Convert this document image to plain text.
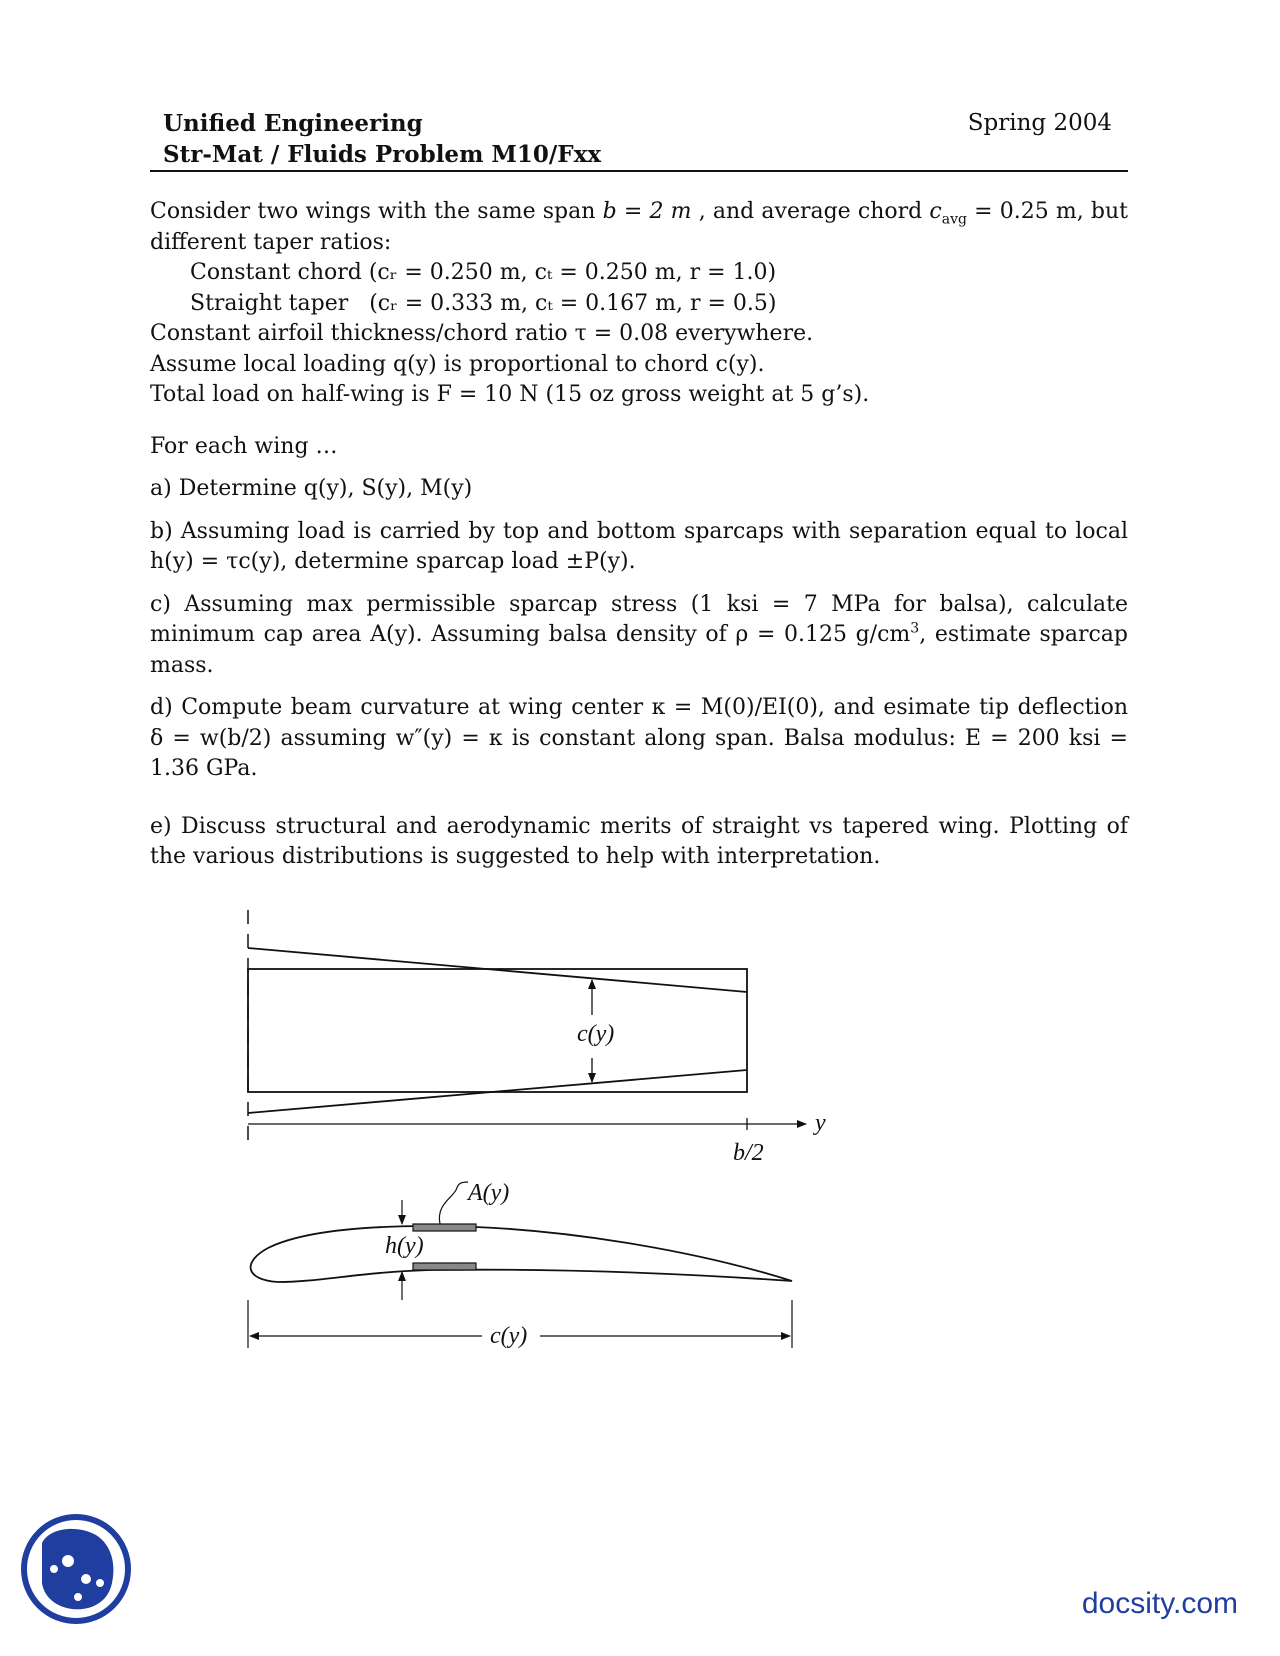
Unified Engineering
Str-Mat / Fluids Problem M10/Fxx
Spring 2004

Consider two wings with the same span b = 2 m , and average chord $c_{avg} = 0.25$ m, but different taper ratios:

Constant chord (cᵣ = 0.250 m, cₜ = 0.250 m, r = 1.0)

Straight taper   (cᵣ = 0.333 m, cₜ = 0.167 m, r = 0.5)

Constant airfoil thickness/chord ratio τ = 0.08 everywhere.

Assume local loading q(y) is proportional to chord c(y).

Total load on half-wing is F = 10 N (15 oz gross weight at 5 g’s).

For each wing …

a) Determine q(y), S(y), M(y)

b) Assuming load is carried by top and bottom sparcaps with separation equal to local h(y) = τc(y), determine sparcap load ±P(y).

c) Assuming max permissible sparcap stress (1 ksi = 7 MPa for balsa), calculate minimum cap area A(y). Assuming balsa density of ρ = 0.125 $g/cm^3$, estimate sparcap mass.

d) Compute beam curvature at wing center κ = M(0)/EI(0), and esimate tip deflection δ = w(b/2) assuming w″(y) = κ is constant along span. Balsa modulus: E = 200 ksi = 1.36 GPa.

e) Discuss structural and aerodynamic merits of straight vs tapered wing. Plotting of the various distributions is suggested to help with interpretation.

c(y)
y
b/2
A(y)
h(y)
c(y)
docsity.com
